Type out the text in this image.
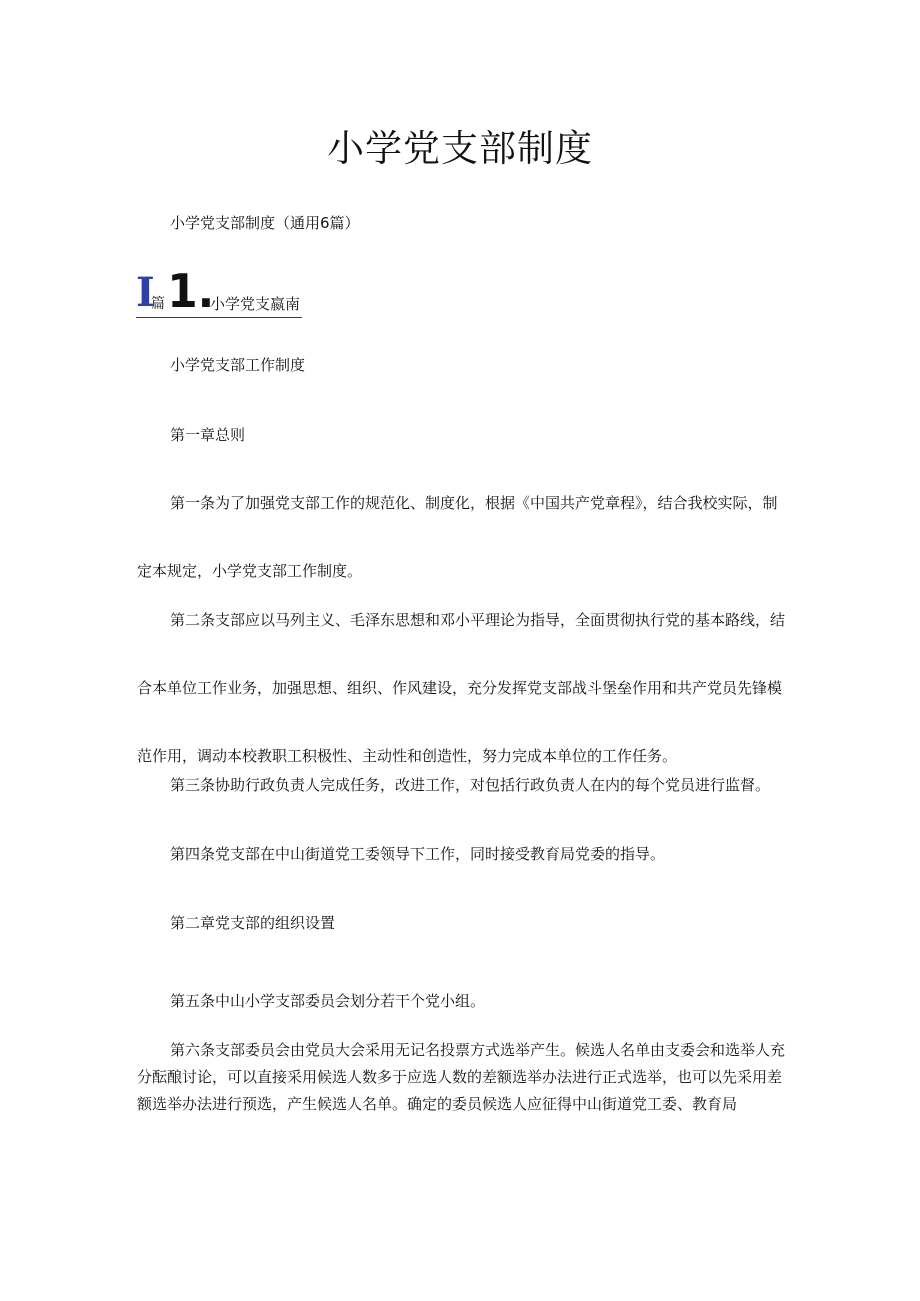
小学党支部制度

小学党支部制度（通用6篇）

I
篇 1.
小学党支嬴南

小学党支部工作制度

第一章总则

第一条为了加强党支部工作的规范化、制度化，根据《中国共产党章程》，结合我校实际，制定本规定，小学党支部工作制度。

第二条支部应以马列主义、毛泽东思想和邓小平理论为指导，全面贯彻执行党的基本路线，结合本单位工作业务，加强思想、组织、作风建设，充分发挥党支部战斗堡垒作用和共产党员先锋模范作用，调动本校教职工积极性、主动性和创造性，努力完成本单位的工作任务。

第三条协助行政负责人完成任务，改进工作，对包括行政负责人在内的每个党员进行监督。

第四条党支部在中山街道党工委领导下工作，同时接受教育局党委的指导。

第二章党支部的组织设置

第五条中山小学支部委员会划分若干个党小组。

第六条支部委员会由党员大会采用无记名投票方式选举产生。候选人名单由支委会和选举人充分酝酿讨论，可以直接采用候选人数多于应选人数的差额选举办法进行正式选举，也可以先采用差额选举办法进行预选，产生候选人名单。确定的委员候选人应征得中山街道党工委、教育局
